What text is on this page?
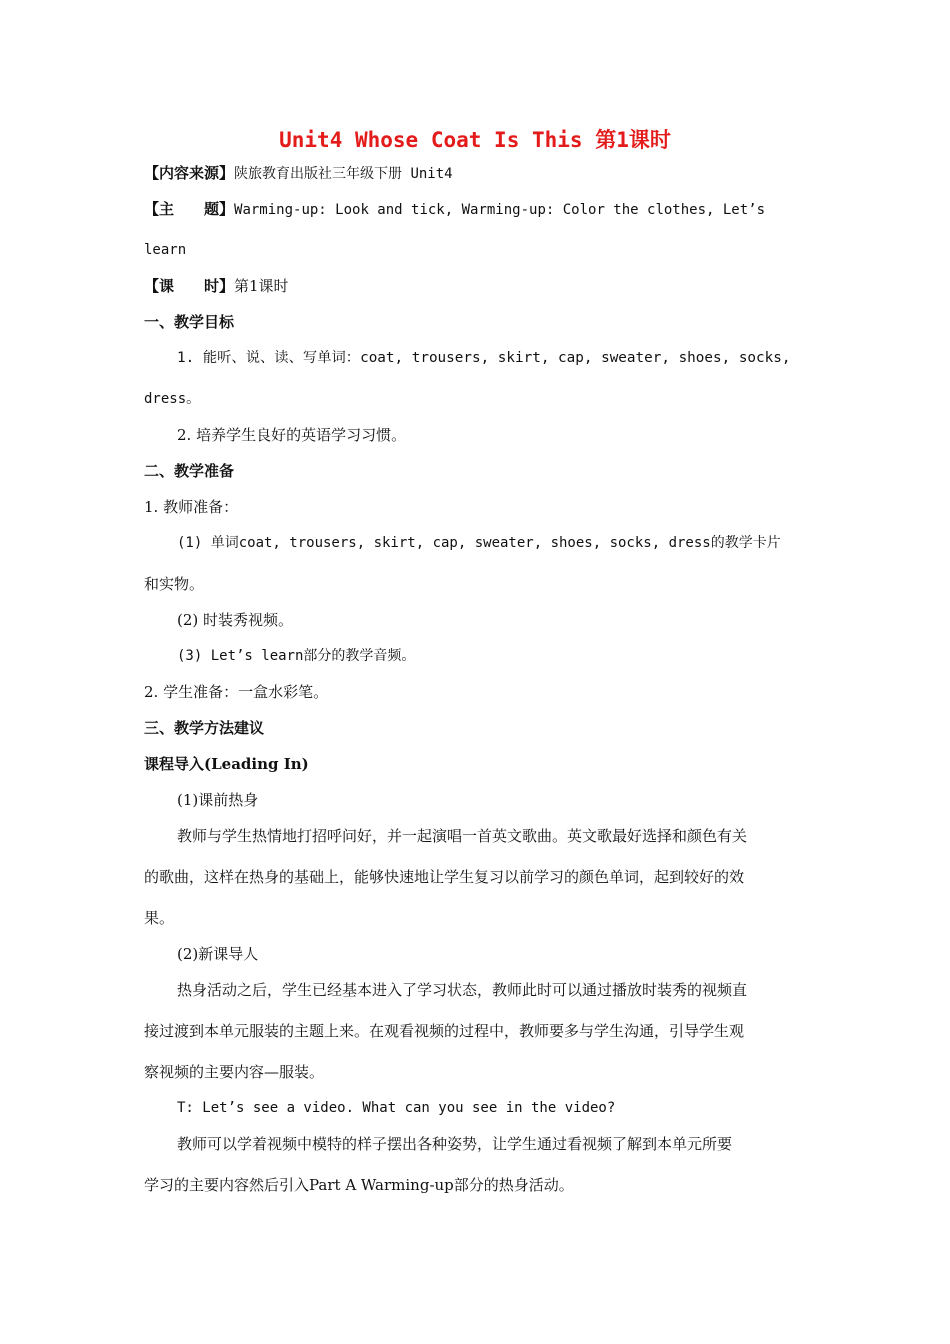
Unit4 Whose Coat Is This 第1课时
【内容来源】陕旅教育出版社三年级下册 Unit4
【主　　题】Warming-up: Look and tick, Warming-up: Color the clothes, Let’s
learn
【课　　时】第1课时
一、教学目标
1. 能听、说、读、写单词：coat, trousers, skirt, cap, sweater, shoes, socks,
dress。
2. 培养学生良好的英语学习习惯。
二、教学准备
1. 教师准备：
(1) 单词coat, trousers, skirt, cap, sweater, shoes, socks, dress的教学卡片
和实物。
(2) 时装秀视频。
(3) Let’s learn部分的教学音频。
2. 学生准备：一盒水彩笔。
三、教学方法建议
课程导入(Leading In)
(1)课前热身
教师与学生热情地打招呼问好，并一起演唱一首英文歌曲。英文歌最好选择和颜色有关
的歌曲，这样在热身的基础上，能够快速地让学生复习以前学习的颜色单词，起到较好的效
果。
(2)新课导人
热身活动之后，学生已经基本进入了学习状态，教师此时可以通过播放时装秀的视频直
接过渡到本单元服装的主题上来。在观看视频的过程中，教师要多与学生沟通，引导学生观
察视频的主要内容—服装。
T: Let’s see a video. What can you see in the video?
教师可以学着视频中模特的样子摆出各种姿势，让学生通过看视频了解到本单元所要
学习的主要内容然后引入Part A Warming-up部分的热身活动。
